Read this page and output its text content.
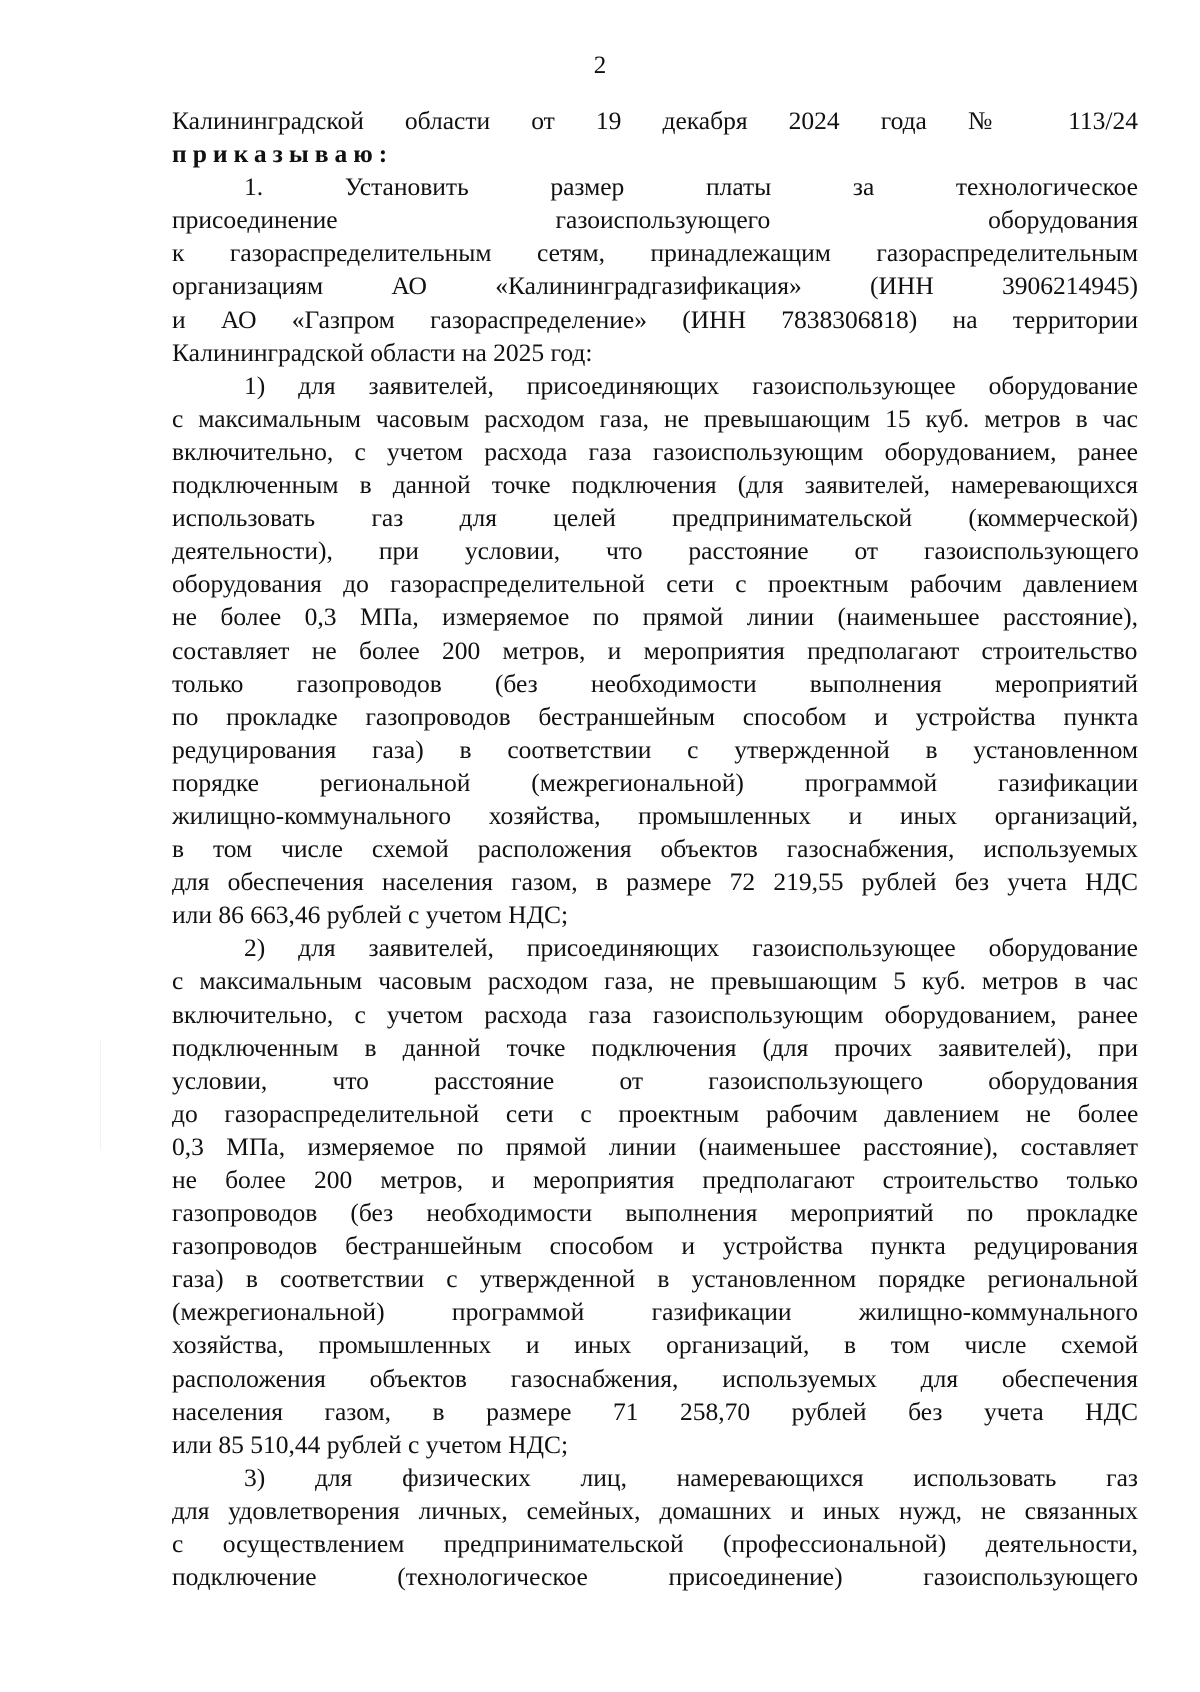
2
Калининградской области от 19 декабря 2024 года № 113/24
приказываю:
1. Установить размер платы за технологическое
присоединение газоиспользующего оборудования
к газораспределительным сетям, принадлежащим газораспределительным
организациям АО «Калининградгазификация» (ИНН 3906214945)
и АО «Газпром газораспределение» (ИНН 7838306818) на территории
Калининградской области на 2025 год:
1) для заявителей, присоединяющих газоиспользующее оборудование
с максимальным часовым расходом газа, не превышающим 15 куб. метров в час
включительно, с учетом расхода газа газоиспользующим оборудованием, ранее
подключенным в данной точке подключения (для заявителей, намеревающихся
использовать газ для целей предпринимательской (коммерческой)
деятельности), при условии, что расстояние от газоиспользующего
оборудования до газораспределительной сети с проектным рабочим давлением
не более 0,3 МПа, измеряемое по прямой линии (наименьшее расстояние),
составляет не более 200 метров, и мероприятия предполагают строительство
только газопроводов (без необходимости выполнения мероприятий
по прокладке газопроводов бестраншейным способом и устройства пункта
редуцирования газа) в соответствии с утвержденной в установленном
порядке региональной (межрегиональной) программой газификации
жилищно-коммунального хозяйства, промышленных и иных организаций,
в том числе схемой расположения объектов газоснабжения, используемых
для обеспечения населения газом, в размере 72 219,55 рублей без учета НДС
или 86 663,46 рублей с учетом НДС;
2) для заявителей, присоединяющих газоиспользующее оборудование
с максимальным часовым расходом газа, не превышающим 5 куб. метров в час
включительно, с учетом расхода газа газоиспользующим оборудованием, ранее
подключенным в данной точке подключения (для прочих заявителей), при
условии, что расстояние от газоиспользующего оборудования
до газораспределительной сети с проектным рабочим давлением не более
0,3 МПа, измеряемое по прямой линии (наименьшее расстояние), составляет
не более 200 метров, и мероприятия предполагают строительство только
газопроводов (без необходимости выполнения мероприятий по прокладке
газопроводов бестраншейным способом и устройства пункта редуцирования
газа) в соответствии с утвержденной в установленном порядке региональной
(межрегиональной) программой газификации жилищно-коммунального
хозяйства, промышленных и иных организаций, в том числе схемой
расположения объектов газоснабжения, используемых для обеспечения
населения газом, в размере 71 258,70 рублей без учета НДС
или 85 510,44 рублей с учетом НДС;
3) для физических лиц, намеревающихся использовать газ
для удовлетворения личных, семейных, домашних и иных нужд, не связанных
с осуществлением предпринимательской (профессиональной) деятельности,
подключение (технологическое присоединение) газоиспользующего
